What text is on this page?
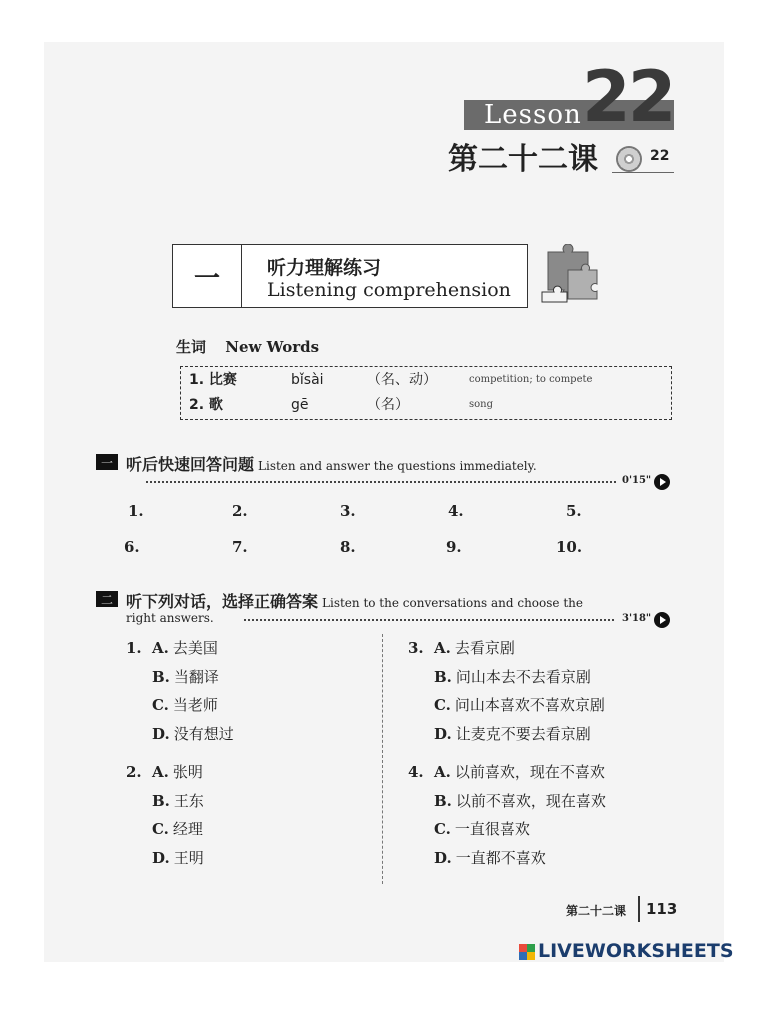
Lesson 22
第二十二课	22
一	听力理解练习
Listening comprehension
生词 New Words
1. 比赛	bǐsài	（名、动）	competition; to compete
2. 歌	gē	（名）	song
一 听后快速回答问题 Listen and answer the questions immediately.
0'15"
1.	2.	3.	4.	5.
6.	7.	8.	9.	10.
二 听下列对话，选择正确答案 Listen to the conversations and choose the
right answers.	3'18"
1. A. 去美国
B. 当翻译
C. 当老师
D. 没有想过
2. A. 张明
B. 王东
C. 经理
D. 王明
3. A. 去看京剧
B. 问山本去不去看京剧
C. 问山本喜欢不喜欢京剧
D. 让麦克不要去看京剧
4. A. 以前喜欢，现在不喜欢
B. 以前不喜欢，现在喜欢
C. 一直很喜欢
D. 一直都不喜欢
第二十二课 113
LIVEWORKSHEETS
